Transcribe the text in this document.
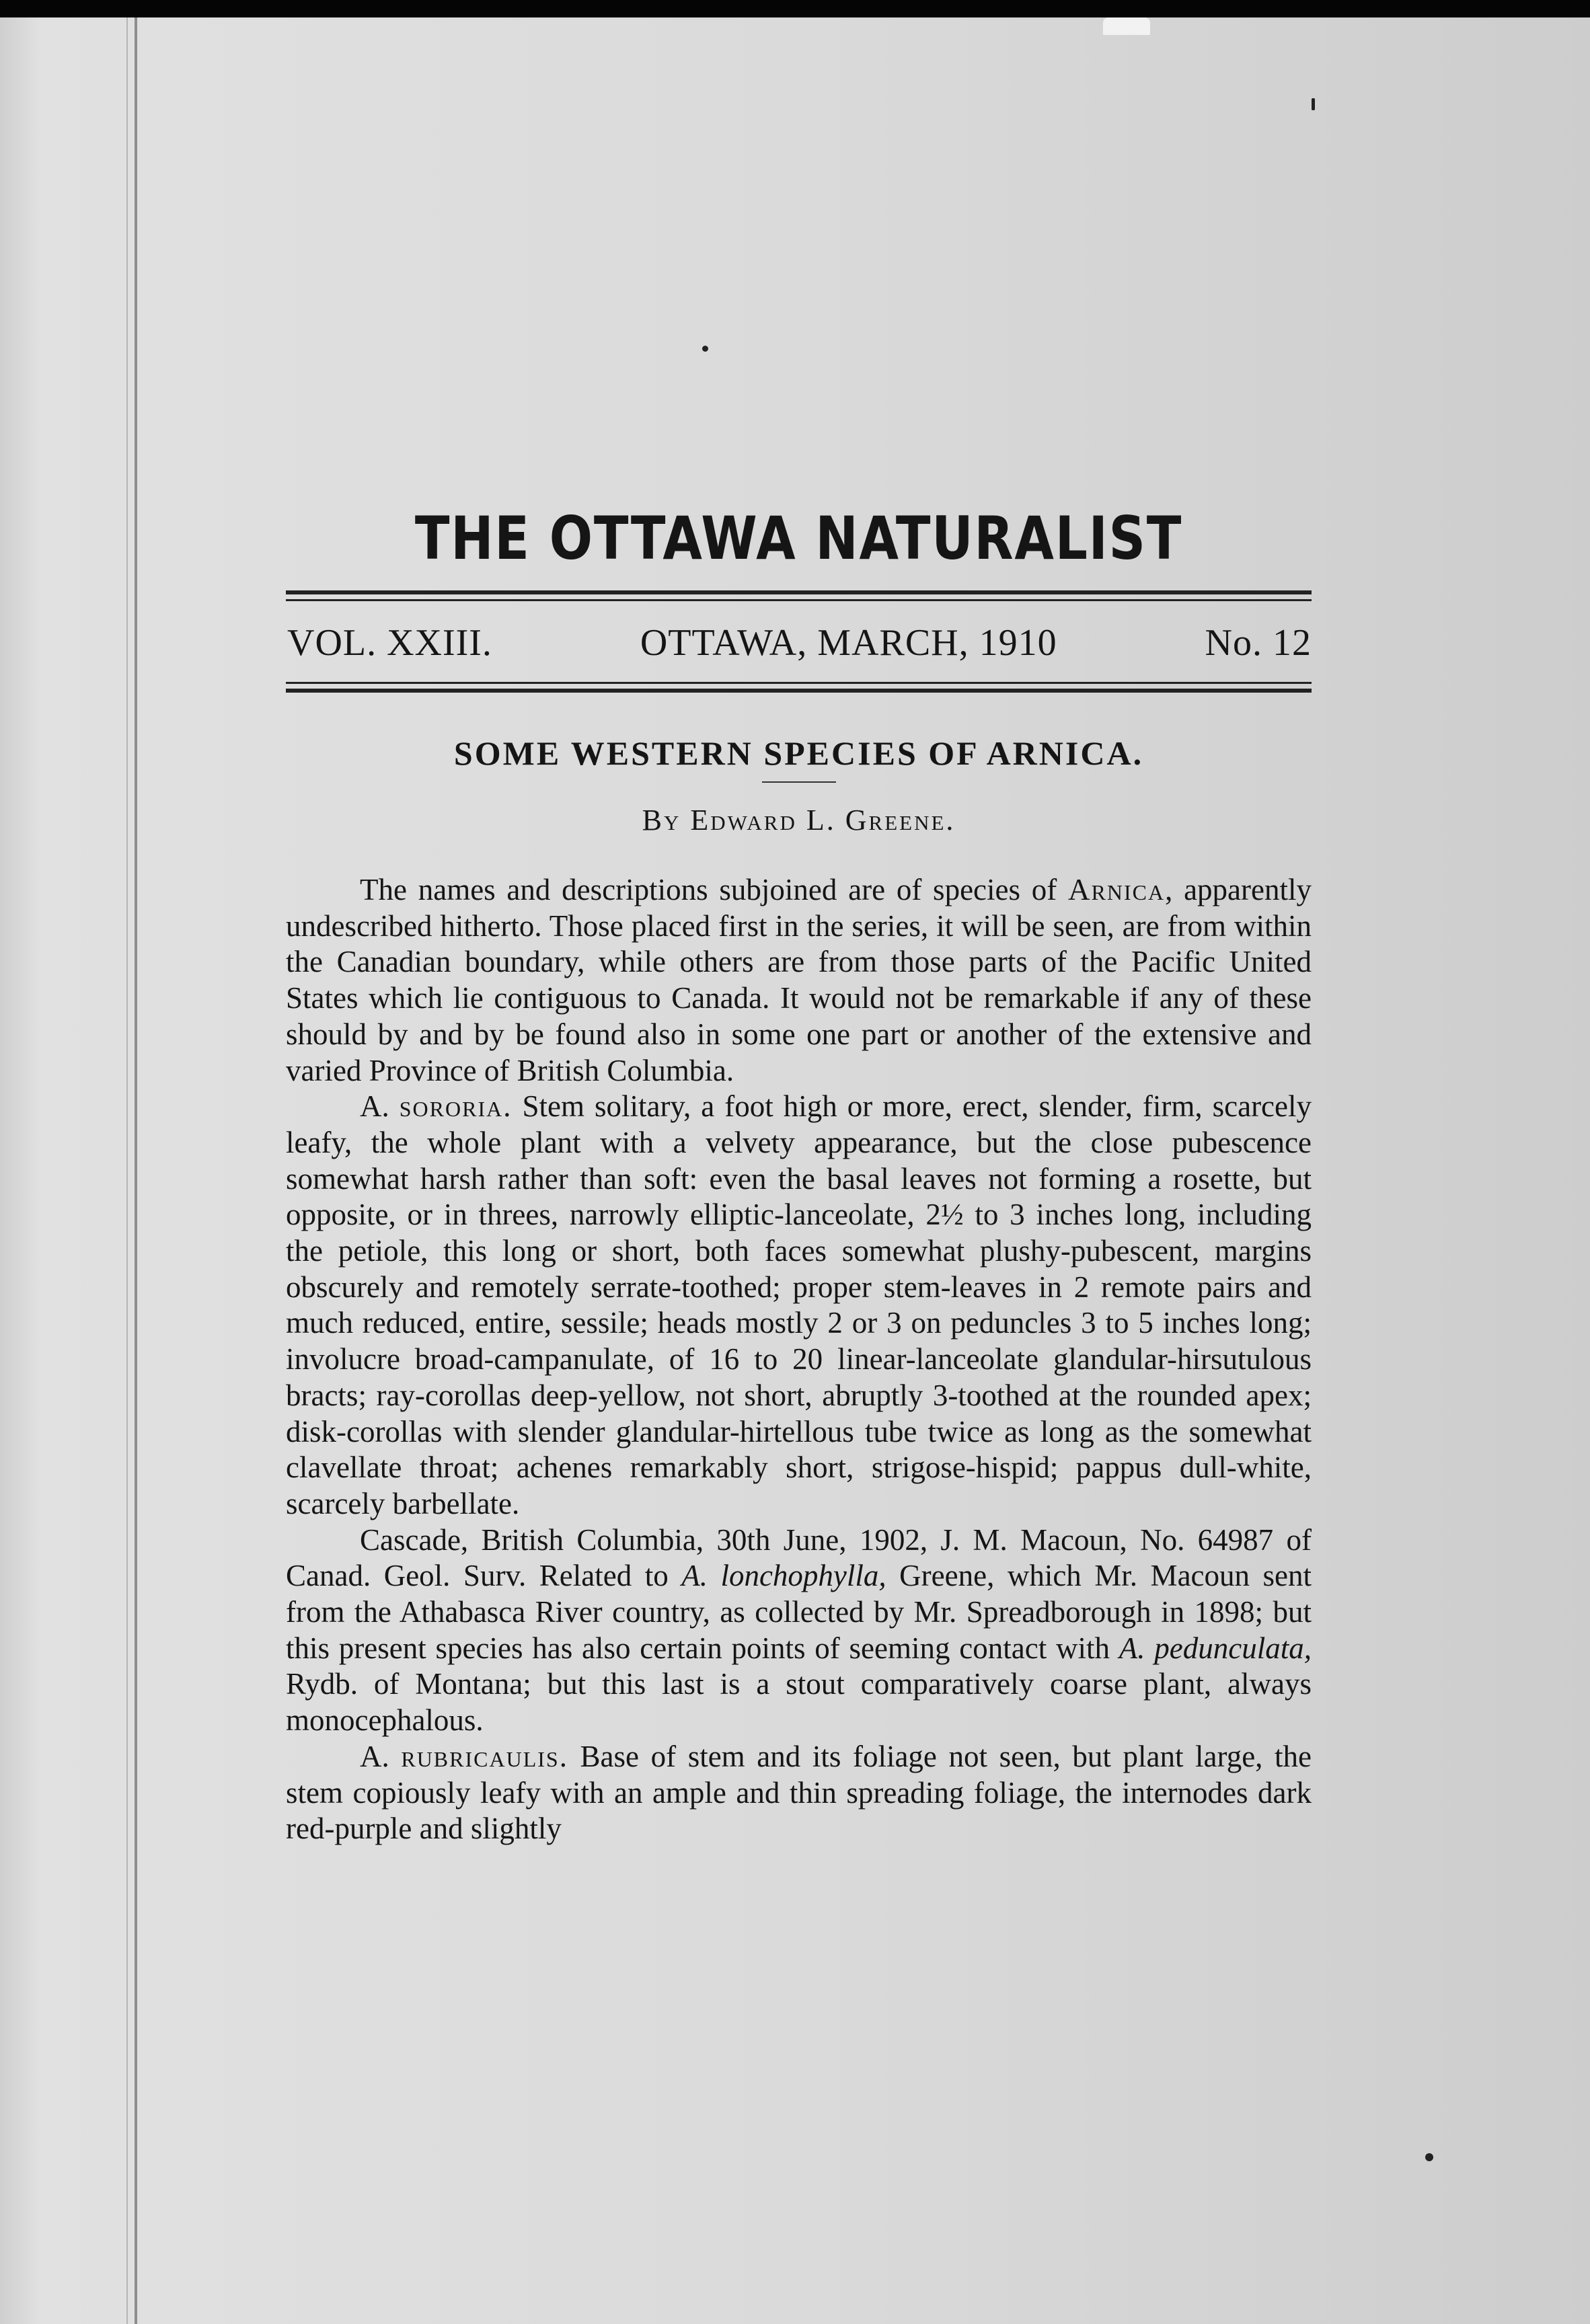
THE OTTAWA NATURALIST
VOL. XXIII.	OTTAWA, MARCH, 1910	No. 12
SOME WESTERN SPECIES OF ARNICA.
By Edward L. Greene.

The names and descriptions subjoined are of species of Arnica, apparently undescribed hitherto. Those placed first in the series, it will be seen, are from within the Canadian boundary, while others are from those parts of the Pacific United States which lie contiguous to Canada. It would not be remarkable if any of these should by and by be found also in some one part or another of the extensive and varied Province of British Columbia.

A. sororia. Stem solitary, a foot high or more, erect, slender, firm, scarcely leafy, the whole plant with a velvety appearance, but the close pubescence somewhat harsh rather than soft: even the basal leaves not forming a rosette, but opposite, or in threes, narrowly elliptic-lanceolate, 2½ to 3 inches long, including the petiole, this long or short, both faces somewhat plushy-pubescent, margins obscurely and remotely serrate-toothed; proper stem-leaves in 2 remote pairs and much reduced, entire, sessile; heads mostly 2 or 3 on peduncles 3 to 5 inches long; involucre broad-campanulate, of 16 to 20 linear-lanceolate glandular-hirsutulous bracts; ray-corollas deep-yellow, not short, abruptly 3-toothed at the rounded apex; disk-corollas with slender glandular-hirtellous tube twice as long as the somewhat clavellate throat; achenes remarkably short, strigose-hispid; pappus dull-white, scarcely barbellate.

Cascade, British Columbia, 30th June, 1902, J. M. Macoun, No. 64987 of Canad. Geol. Surv. Related to A. lonchophylla, Greene, which Mr. Macoun sent from the Athabasca River country, as collected by Mr. Spreadborough in 1898; but this present species has also certain points of seeming contact with A. pedunculata, Rydb. of Montana; but this last is a stout comparatively coarse plant, always monocephalous.

A. rubricaulis. Base of stem and its foliage not seen, but plant large, the stem copiously leafy with an ample and thin spreading foliage, the internodes dark red-purple and slightly
